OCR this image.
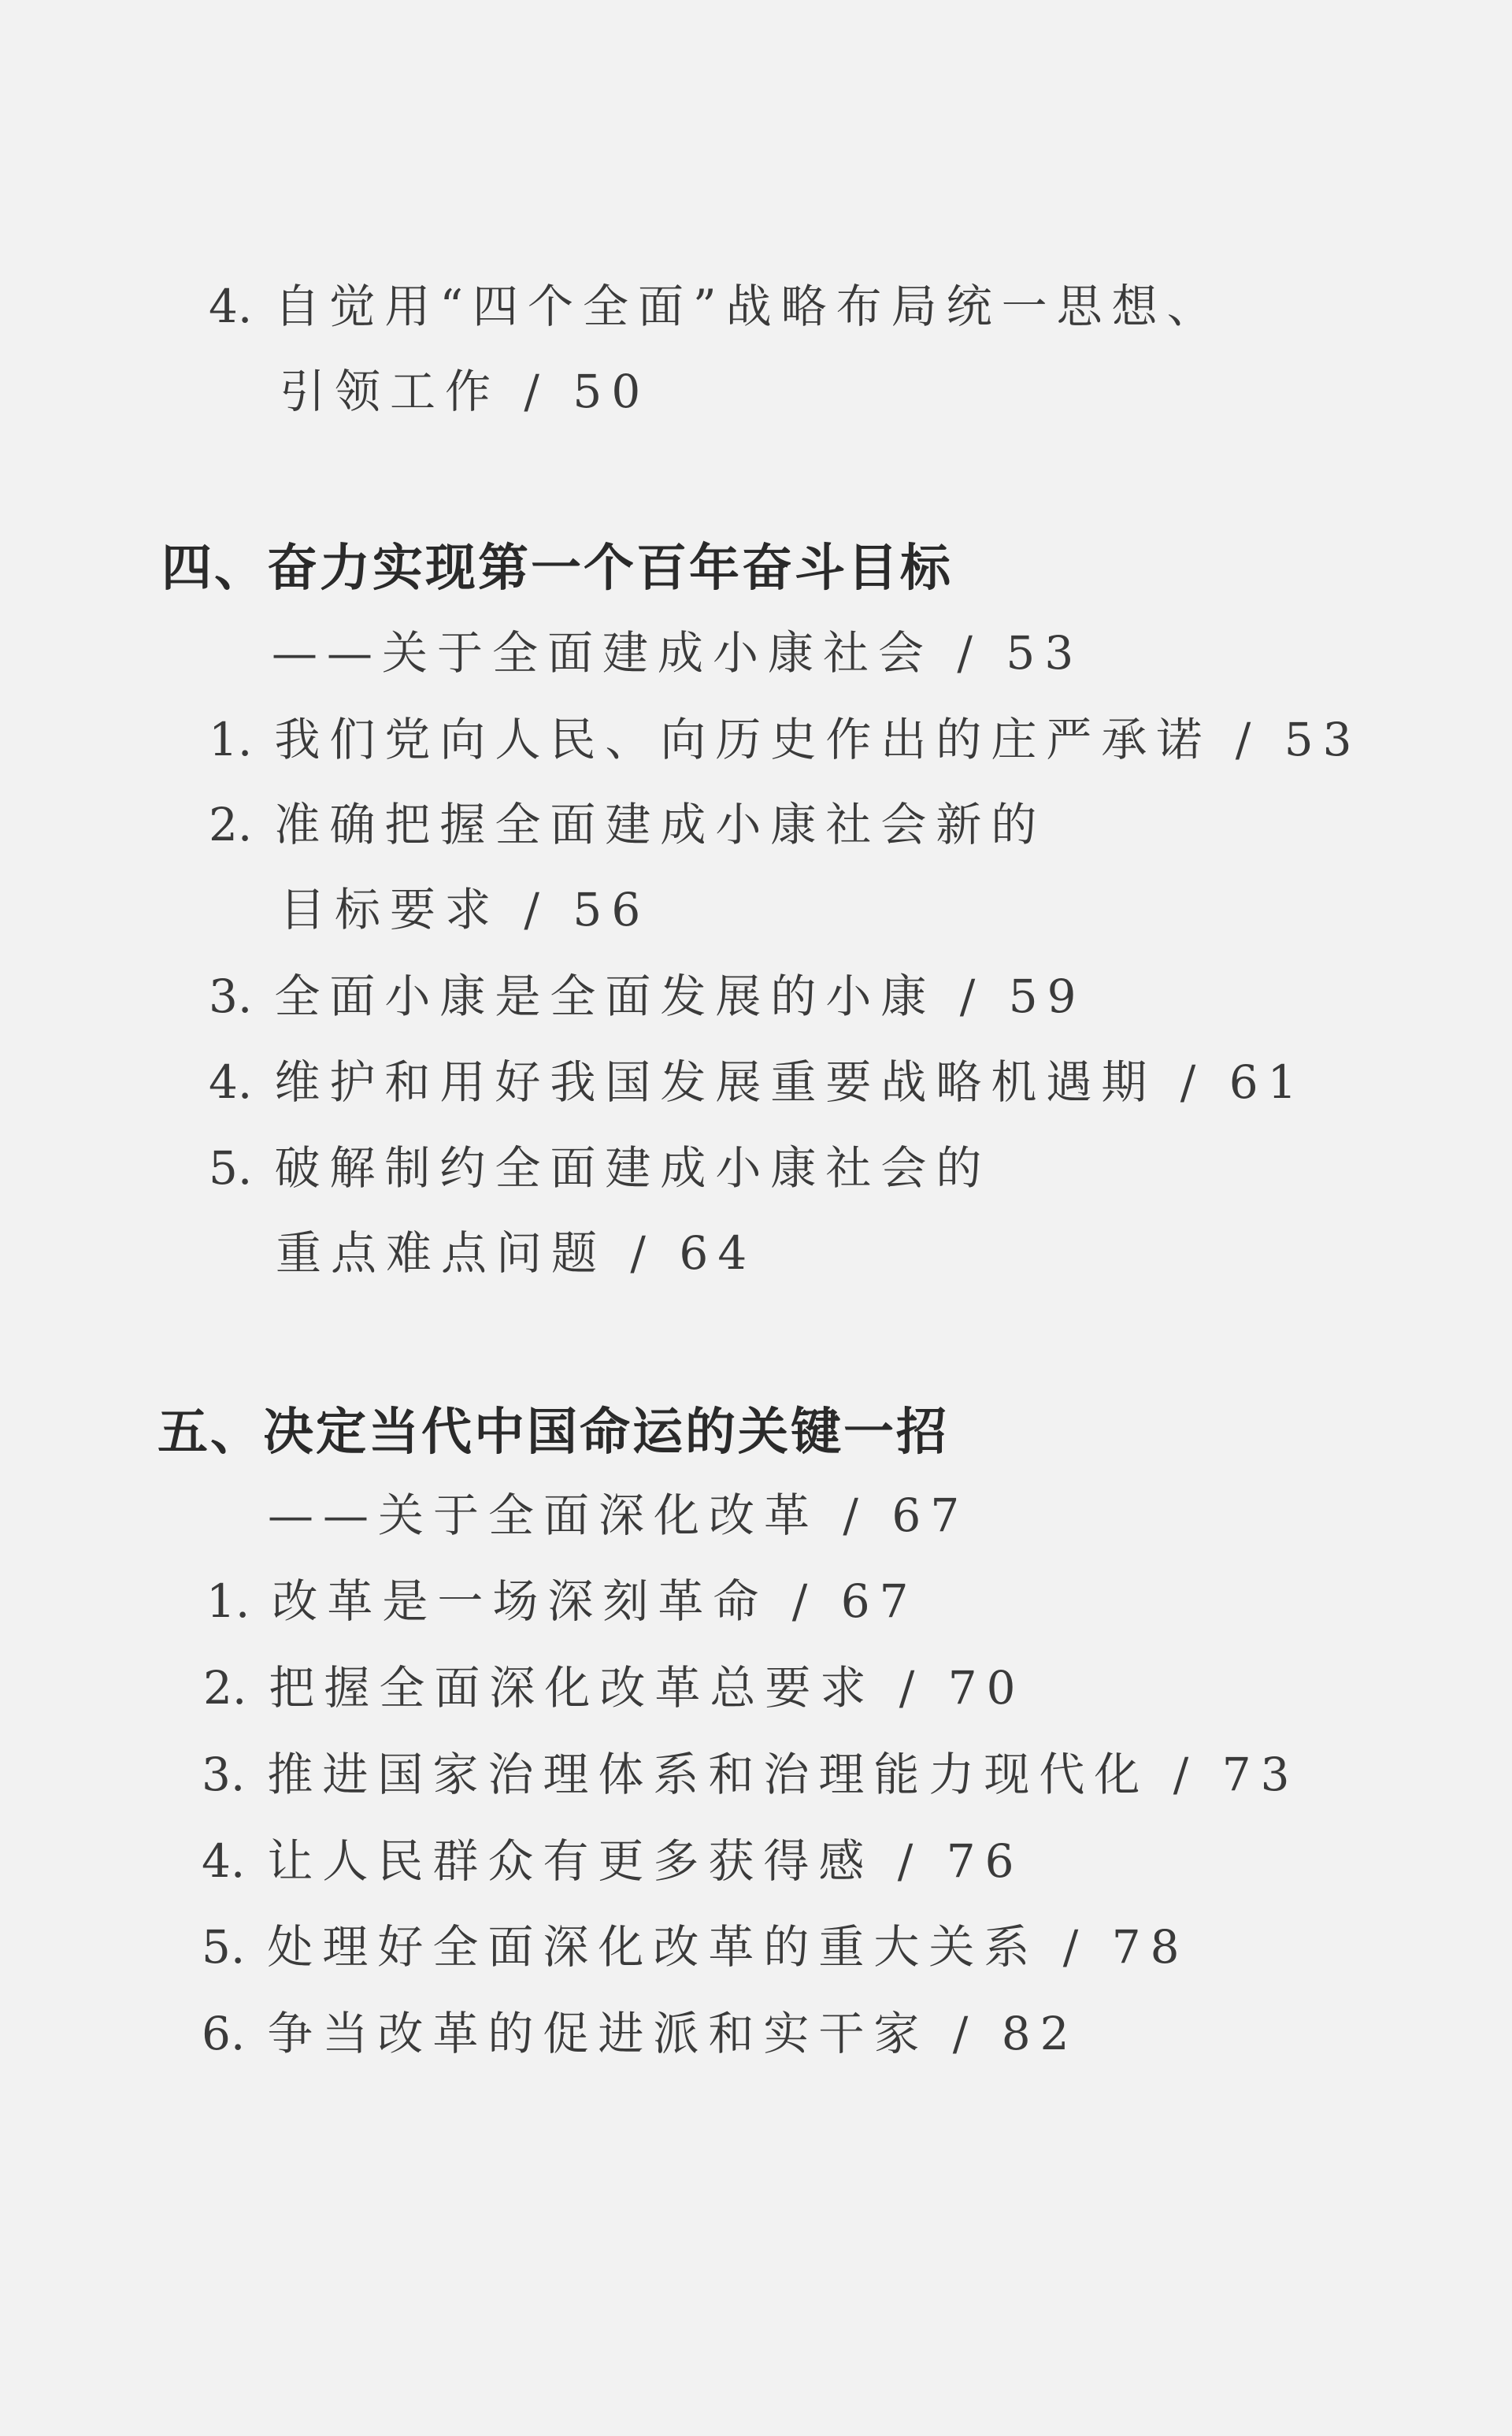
4. 自觉用“四个全面”战略布局统一思想、
引领工作 / 50
四、奋力实现第一个百年奋斗目标
——关于全面建成小康社会 / 53
1. 我们党向人民、向历史作出的庄严承诺 / 53
2. 准确把握全面建成小康社会新的
目标要求 / 56
3. 全面小康是全面发展的小康 / 59
4. 维护和用好我国发展重要战略机遇期 / 61
5. 破解制约全面建成小康社会的
重点难点问题 / 64
五、决定当代中国命运的关键一招
——关于全面深化改革 / 67
1. 改革是一场深刻革命 / 67
2. 把握全面深化改革总要求 / 70
3. 推进国家治理体系和治理能力现代化 / 73
4. 让人民群众有更多获得感 / 76
5. 处理好全面深化改革的重大关系 / 78
6. 争当改革的促进派和实干家 / 82
